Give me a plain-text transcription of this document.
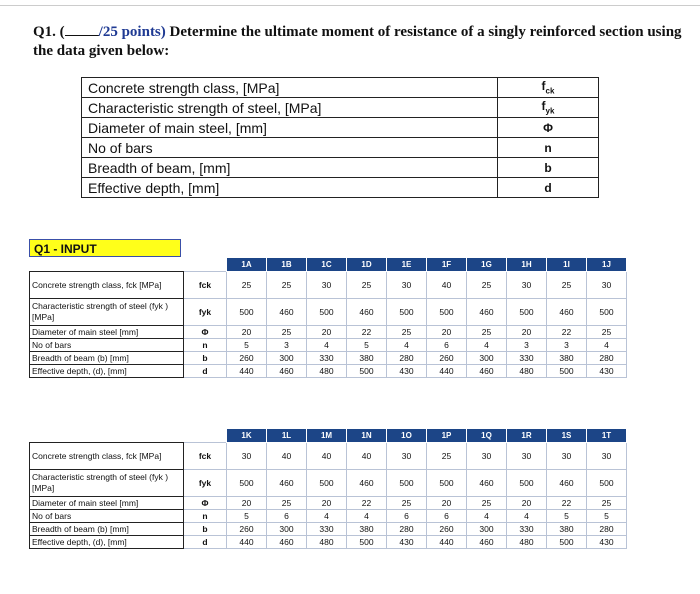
Q1. ( /25 points) Determine the ultimate moment of resistance of a singly reinforced section using the data given below:
Concrete strength class, [MPa]	$f_{ck}$
Characteristic strength of steel, [MPa]	$f_{yk}$
Diameter of main steel, [mm]	Φ
No of bars	n
Breadth of beam, [mm]	b
Effective depth, [mm]	d
Q1 - INPUT
		1A	1B	1C	1D	1E	1F	1G	1H	1I	1J
Concrete strength class, fck [MPa]	fck	25	25	30	25	30	40	25	30	25	30
Characteristic strength of steel (fyk ) [MPa]	fyk	500	460	500	460	500	500	460	500	460	500
Diameter of main steel [mm]	Φ	20	25	20	22	25	20	25	20	22	25
No of bars	n	5	3	4	5	4	6	4	3	3	4
Breadth of beam (b) [mm]	b	260	300	330	380	280	260	300	330	380	280
Effective depth, (d), [mm]	d	440	460	480	500	430	440	460	480	500	430
		1K	1L	1M	1N	1O	1P	1Q	1R	1S	1T
Concrete strength class, fck [MPa]	fck	30	40	40	40	30	25	30	30	30	30
Characteristic strength of steel (fyk ) [MPa]	fyk	500	460	500	460	500	500	460	500	460	500
Diameter of main steel [mm]	Φ	20	25	20	22	25	20	25	20	22	25
No of bars	n	5	6	4	4	6	6	4	4	5	5
Breadth of beam (b) [mm]	b	260	300	330	380	280	260	300	330	380	280
Effective depth, (d), [mm]	d	440	460	480	500	430	440	460	480	500	430
